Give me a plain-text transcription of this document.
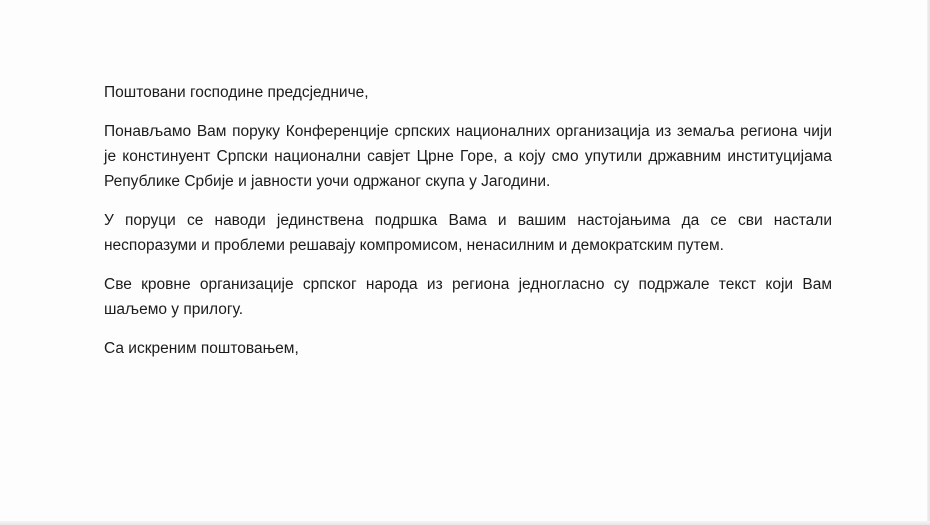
Поштовани господине предсједниче,

Понављамо Вам поруку Конференције српских националних организација из земаља региона чији је констинуент Српски национални савјет Црне Горе, а коју смо упутили државним институцијама Републике Србије и јавности уочи одржаног скупа у Јагодини.

У поруци се наводи јединствена подршка Вама и вашим настојањима да се сви настали неспоразуми и проблеми решавају компромисом, ненасилним и демократским путем.

Све кровне организације српског народа из региона једногласно су подржале текст који Вам шаљемо у прилогу.

Са искреним поштовањем,
